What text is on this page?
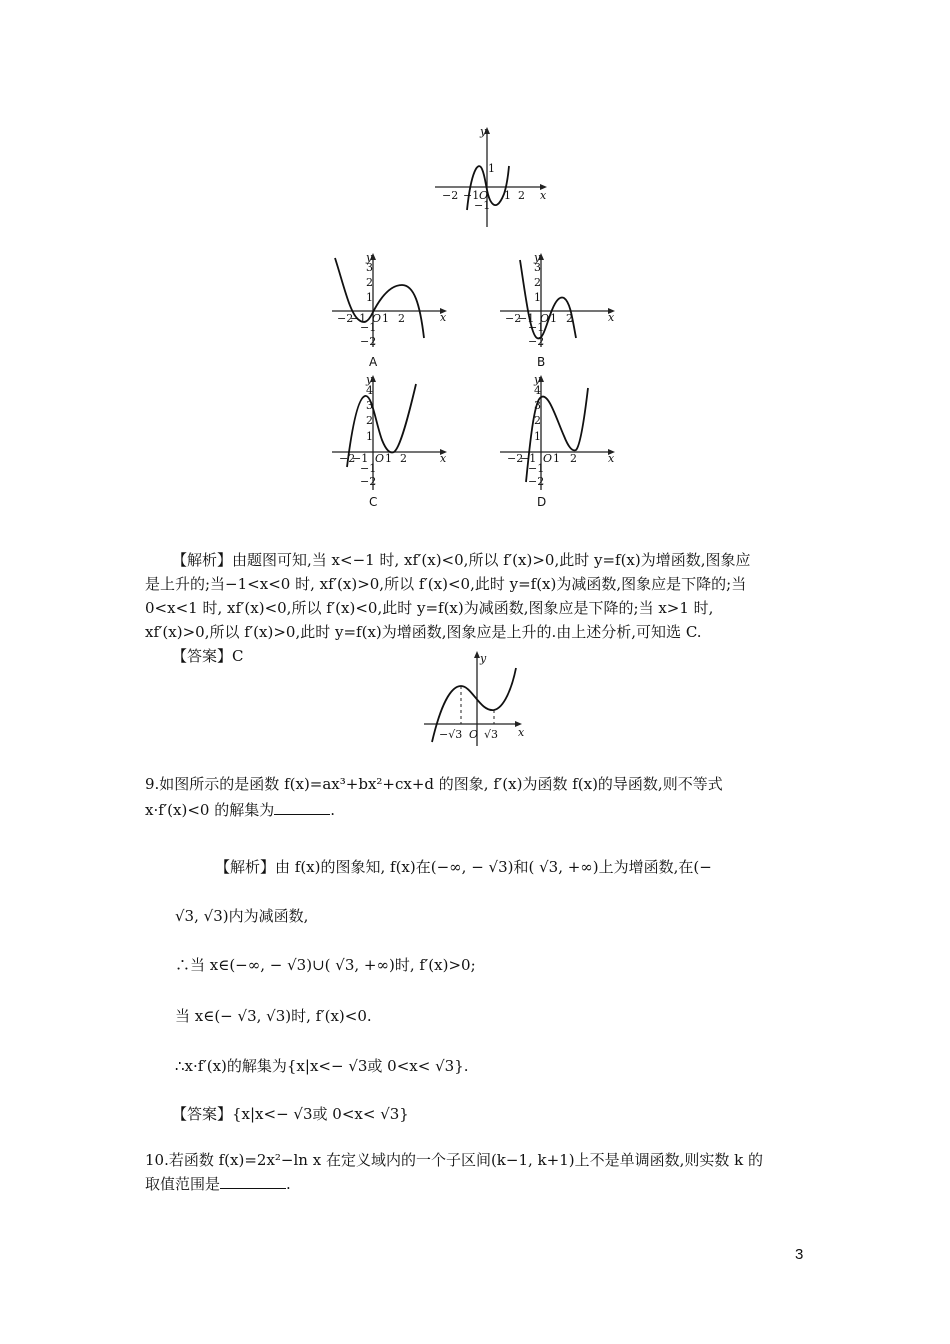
y
x
−2 −1 O 1 2
1
−1
y
x
−2
−1 O 1 2
3
2
1
−1
−2
A
y
x
−2
−1 O 1 2
3
2
1
−1
−2
B
y
x
−2
−1 O 1 2
4
3
2
1
−1
−2
C
y
x
−2
−1 O 1 2
4
3
2
1
−1
−2
D

【解析】由题图可知,当 x<−1 时, xf′(x)<0,所以 f′(x)>0,此时 y=f(x)为增函数,图象应
是上升的;当−1<x<0 时, xf′(x)>0,所以 f′(x)<0,此时 y=f(x)为减函数,图象应是下降的;当
0<x<1 时, xf′(x)<0,所以 f′(x)<0,此时 y=f(x)为减函数,图象应是下降的;当 x>1 时,
xf′(x)>0,所以 f′(x)>0,此时 y=f(x)为增函数,图象应是上升的.由上述分析,可知选 C.

【答案】C	y
x
−√3 O √3

9.如图所示的是函数 f(x)=ax³+bx²+cx+d 的图象, f′(x)为函数 f(x)的导函数,则不等式

x·f′(x)<0 的解集为	.

【解析】由 f(x)的图象知, f(x)在(−∞, − √3)和( √3, +∞)上为增函数,在(−

√3, √3)内为减函数,

∴当 x∈(−∞, − √3)∪( √3, +∞)时, f′(x)>0;

当 x∈(− √3, √3)时, f′(x)<0.

∴x·f′(x)的解集为{x|x<− √3或 0<x< √3}.

【答案】{x|x<− √3或 0<x< √3}

10.若函数 f(x)=2x²−ln x 在定义域内的一个子区间(k−1, k+1)上不是单调函数,则实数 k 的

取值范围是	.

3
